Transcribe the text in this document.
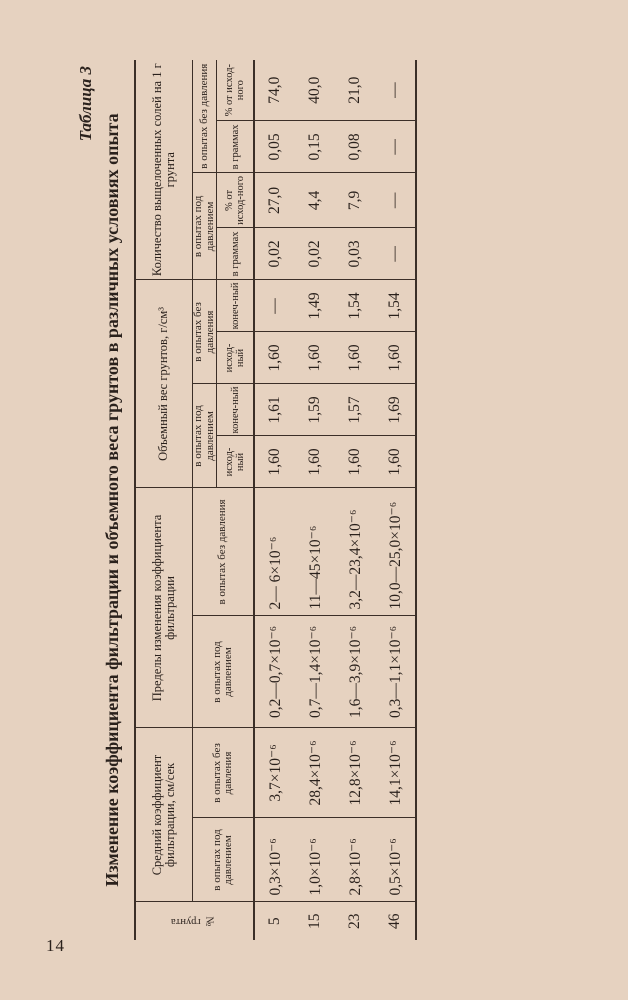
14
Таблица 3
Изменение коэффициента фильтрации и объемного веса грунтов в различных условиях опыта
№ грунта	Средний коэффициент фильтрации, см/сек		Пределы изменения коэффициента фильтрации		Объемный вес грунтов, г/см³				Количество выщелоченных солей на 1 г грунта			
	в опытах под давлением	в опытах без давления	в опытах под давлением	в опытах без давления	в опытах под давлением		в опытах без давления		в опытах под давлением		в опытах без давления	
					исход-ный	конеч-ный	исход-ный	конеч-ный	в граммах	% от исход-ного	в граммах	% от исход-ного
5	0,3×10⁻⁶	3,7×10⁻⁶	0,2—0,7×10⁻⁶	2— 6×10⁻⁶	1,60	1,61	1,60	—	0,02	27,0	0,05	74,0
15	1,0×10⁻⁶	28,4×10⁻⁶	0,7—1,4×10⁻⁶	11—45×10⁻⁶	1,60	1,59	1,60	1,49	0,02	4,4	0,15	40,0
23	2,8×10⁻⁶	12,8×10⁻⁶	1,6—3,9×10⁻⁶	3,2—23,4×10⁻⁶	1,60	1,57	1,60	1,54	0,03	7,9	0,08	21,0
46	0,5×10⁻⁶	14,1×10⁻⁶	0,3—1,1×10⁻⁶	10,0—25,0×10⁻⁶	1,60	1,69	1,60	1,54	—	—	—	—
